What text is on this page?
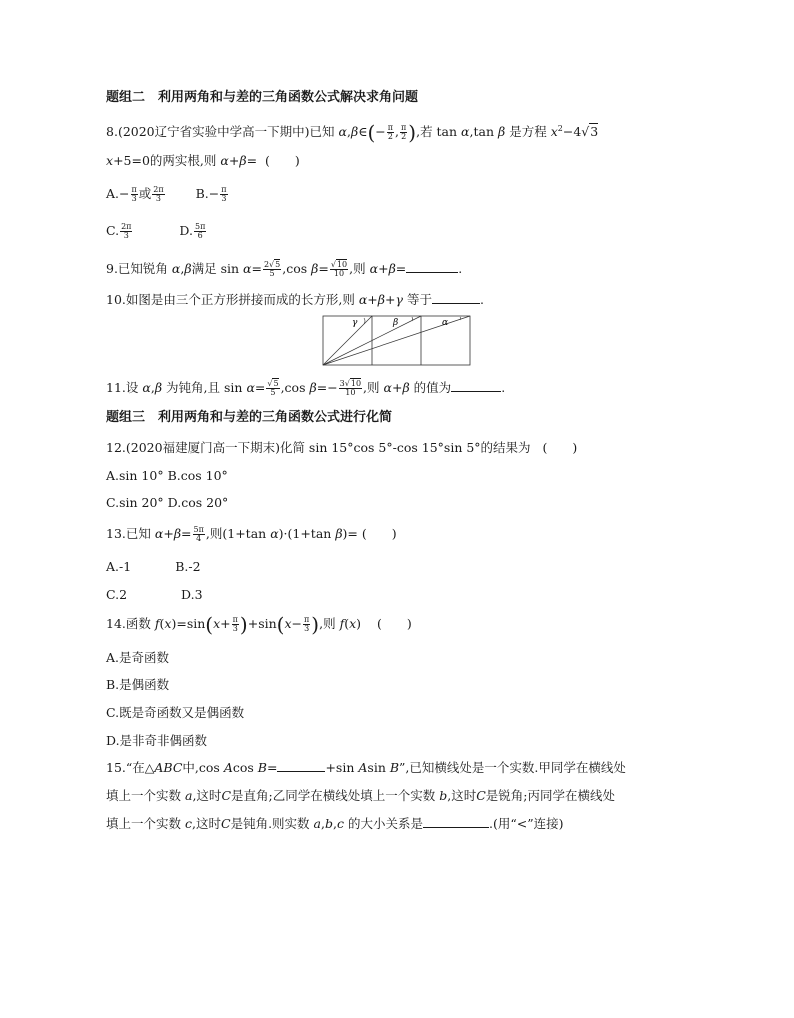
题组二　利用两角和与差的三角函数公式解决求角问题
8.(2020辽宁省实验中学高一下期中)已知 α,β∈(− $\frac{\pi}{2}$ , $\frac{\pi}{2}$ ),若 tan α,tan β 是方程 $x^2-4√3$
x+5=0的两实根,则 α+β=  (　　)
$A.- \frac{\pi}{3}$ 或 $\frac{2\pi}{3} B.- \frac{\pi}{3}$
C. $\frac{2\pi}{3}$	D. $\frac{5\pi}{6}$
9.已知锐角 α,β满足 $\sin \alpha= \frac{2√5}{5} ,\cos$ $\beta= \frac{√10}{10}$ ,则 α+β=	.
10.如图是由三个正方形拼接而成的长方形,则 α+β+γ 等于	.
γ	β	α
11.设 α,β 为钝角,且 $\sin \alpha= \frac{√5}{5} ,\cos$ $\beta=- \frac{3√10}{10}$ ,则 α+β 的值为	.
题组三　利用两角和与差的三角函数公式进行化简
12.(2020福建厦门高一下期末)化简 sin 15°cos 5°-cos 15°sin 5°的结果为 (　　)
A.sin 10° B.cos 10°
C.sin 20° D.cos 20°
13.已知 $\alpha+\beta= \frac{5\pi}{4}$ ,则(1+tan α)·(1+tan β)= (　　)
A.-1	B.-2
C.2	D.3
14.函数 $f(x)=\sin(x+ \frac{\pi}{3} )+\sin(x- \frac{\pi}{3}$ ),则 f(x)    (　　)
A.是奇函数
B.是偶函数
C.既是奇函数又是偶函数
D.是非奇非偶函数
15.“在△ABC中,cos Acos B=	+sin Asin B”,已知横线处是一个实数.甲同学在横线处
填上一个实数 a,这时C是直角;乙同学在横线处填上一个实数 b,这时C是锐角;丙同学在横线处
填上一个实数 c,这时C是钝角.则实数 a,b,c 的大小关系是	.(用“<”连接)
